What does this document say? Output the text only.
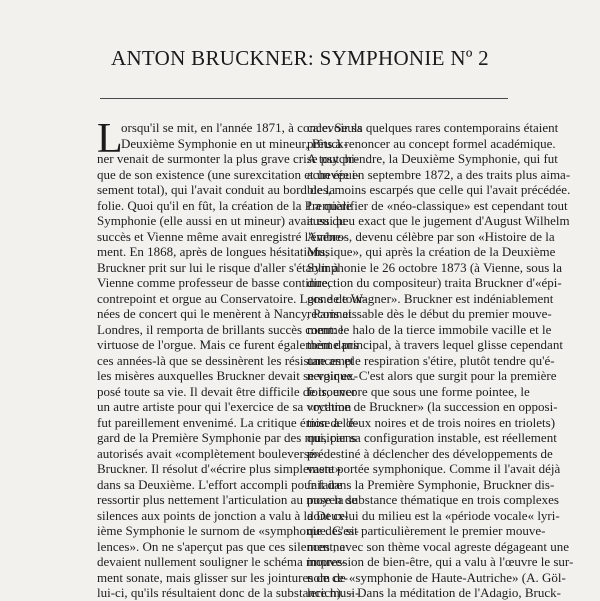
ANTON BRUCKNER: SYMPHONIE Nº 2
L
orsqu'il se mit, en l'année 1871, à concevoir sa
Deuxième Symphonie en ut mineur, Bruck-
ner venait de surmonter la plus grave crise psychi-
que de son existence (une surexcitation et un épui-
sement total), qui l'avait conduit au bord de la
folie. Quoi qu'il en fût, la création de la Première
Symphonie (elle aussi en ut mineur) avait eu du
succès et Vienne même avait enregistré l'événe-
ment. En 1868, après de longues hésitations,
Bruckner prit sur lui le risque d'aller s'établir à
Vienne comme professeur de basse continue,
contrepoint et orgue au Conservatoire. Lors de tour-
nées de concert qui le menèrent à Nancy, Paris et
Londres, il remporta de brillants succès comme
virtuose de l'orgue. Mais ce furent également dans
ces années-là que se dessinèrent les résistances et
les misères auxquelles Bruckner devait se voir ex-
posé toute sa vie. Il devait être difficile de trouver
un autre artiste pour qui l'exercice de sa vocation
fut pareillement envenimé. La critique émise à l'é-
gard de la Première Symphonie par des musiciens
autorisés avait «complètement bouleversé»
Bruckner. Il résolut d'«écrire plus simplement»
dans sa Deuxième. L'effort accompli pour faire
ressortir plus nettement l'articulation au moyen de
silences aux points de jonction a valu à la Deux-
ième Symphonie le surnom de «symphonie des si-
lences». On ne s'aperçut pas que ces silences ne
devaient nullement souligner le schéma mouve-
ment sonate, mais glisser sur les jointures de ce-
lui-ci, qu'ils résultaient donc de la substance musi-
cale. Seuls quelques rares contemporains étaient
prêts à renoncer au concept formel académique.
A tout prendre, la Deuxième Symphonie, qui fut
achevée en septembre 1872, a des traits plus aima-
bles, moins escarpés que celle qui l'avait précédée.
La qualifier de «néo-classique» est cependant tout
aussi peu exact que le jugement d'August Wilhelm
Ambros, devenu célèbre par son «Histoire de la
Musique», qui après la création de la Deuxième
Symphonie le 26 octobre 1873 (à Vienne, sous la
direction du compositeur) traita Bruckner d'«épi-
gone de Wagner». Bruckner est indéniablement
reconnaissable dès le début du premier mouve-
ment: le halo de la tierce immobile vacille et le
thème principal, à travers lequel glisse cependant
une ample respiration s'étire, plutôt tendre qu'é-
nergique. C'est alors que surgit pour la première
fois, encore que sous une forme pointee, le
«rythme de Bruckner» (la succession en opposi-
tion de deux noires et de trois noires en triolets)
qui, par sa configuration instable, est réellement
prédestiné à déclencher des développements de
vaste portée symphonique. Comme il l'avait déjà
fait dans la Première Symphonie, Bruckner dis-
pose la substance thématique en trois complexes
dont celui du milieu est la «période vocale« lyri-
que. C'est particulièrement le premier mouve-
ment, avec son thème vocal agreste dégageant une
impression de bien-être, qui a valu à l'œuvre le sur-
nom de «symphonie de Haute-Autriche» (A. Göl-
lerich). – Dans la méditation de l'Adagio, Bruck-
